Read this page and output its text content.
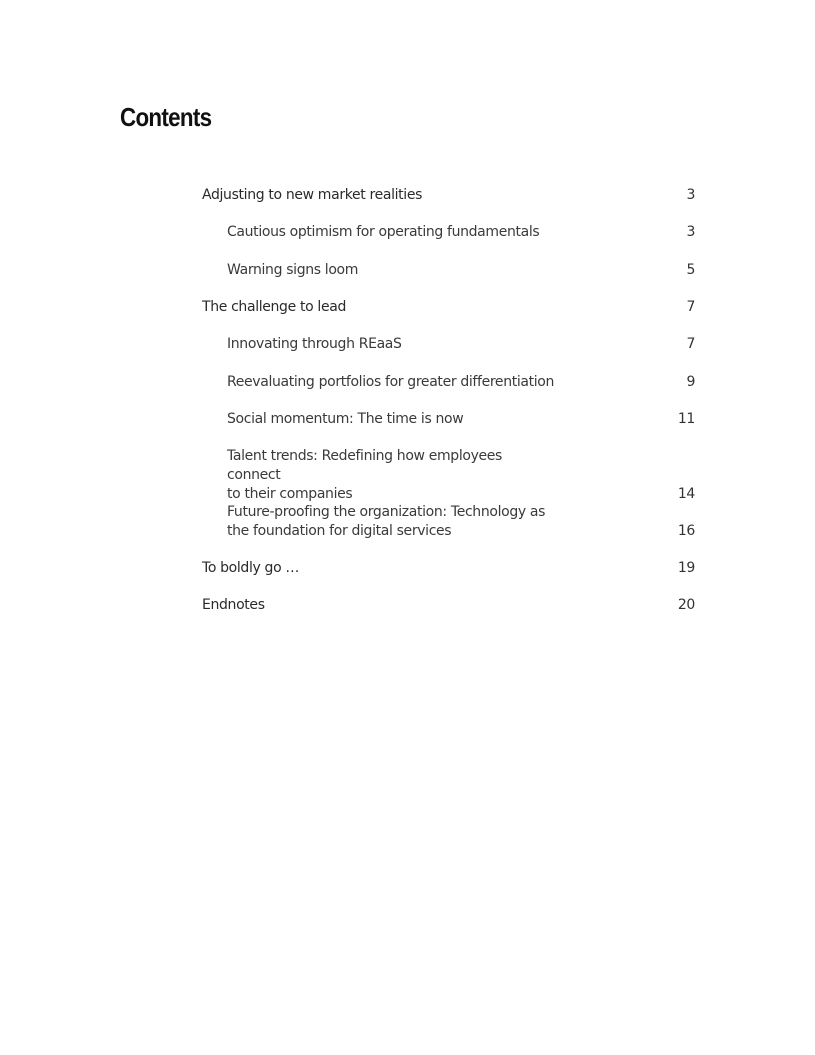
Contents
Adjusting to new market realities	3
Cautious optimism for operating fundamentals	3
Warning signs loom	5
The challenge to lead	7
Innovating through REaaS	7
Reevaluating portfolios for greater differentiation	9
Social momentum: The time is now	11
Talent trends: Redefining how employees connect
to their companies	14
Future-proofing the organization: Technology as
the foundation for digital services	16
To boldly go …	19
Endnotes	20
